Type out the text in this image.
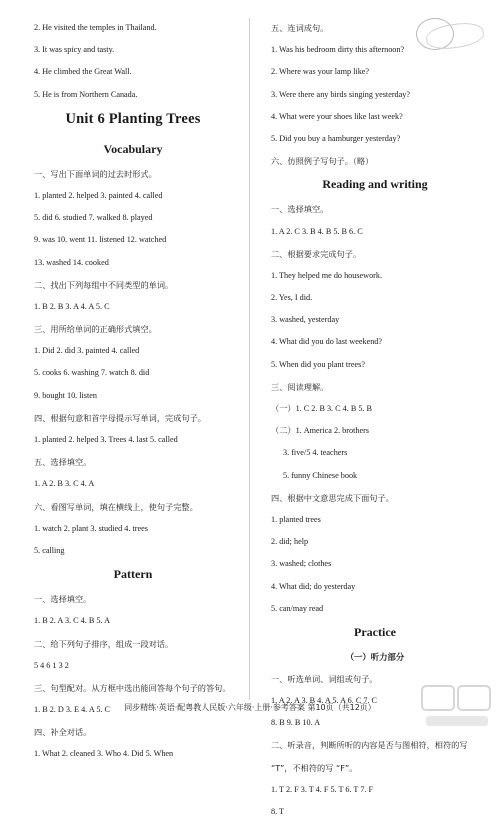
2. He visited the temples in Thailand.
3. It was spicy and tasty.
4. He climbed the Great Wall.
5. He is from Northern Canada.
Unit 6 Planting Trees
Vocabulary
一、写出下面单词的过去时形式。
1. planted 2. helped 3. painted 4. called
5. did 6. studied 7. walked 8. played
9. was 10. went 11. listened 12. watched
13. washed 14. cooked
二、找出下列每组中不同类型的单词。
1. B 2. B 3. A 4. A 5. C
三、用所给单词的正确形式填空。
1. Did 2. did 3. painted 4. called
5. cooks 6. washing 7. watch 8. did
9. bought 10. listen
四、根据句意和首字母提示写单词，完成句子。
1. planted 2. helped 3. Trees 4. last 5. called
五、选择填空。
1. A 2. B 3. C 4. A
六、看图写单词，填在横线上，使句子完整。
1. watch 2. plant 3. studied 4. trees
5. calling
Pattern
一、选择填空。
1. B 2. A 3. C 4. B 5. A
二、给下列句子排序，组成一段对话。
5 4 6 1 3 2
三、句型配对。从方框中选出能回答每个句子的答句。
1. B 2. D 3. E 4. A 5. C
四、补全对话。
1. What 2. cleaned 3. Who 4. Did 5. When
五、连词成句。
1. Was his bedroom dirty this afternoon?
2. Where was your lamp like?
3. Were there any birds singing yesterday?
4. What were your shoes like last week?
5. Did you buy a hamburger yesterday?
六、仿照例子写句子。（略）
Reading and writing
一、选择填空。
1. A 2. C 3. B 4. B 5. B 6. C
二、根据要求完成句子。
1. They helped me do housework.
2. Yes, I did.
3. washed, yesterday
4. What did you do last weekend?
5. When did you plant trees?
三、阅读理解。
（一）1. C 2. B 3. C 4. B 5. B
（二）1. America 2. brothers
3. five/5 4. teachers
5. funny Chinese book
四、根据中文意思完成下面句子。
1. planted trees
2. did; help
3. washed; clothes
4. What did; do yesterday
5. can/may read
Practice
（一）听力部分
一、听选单词、词组或句子。
1. A 2. A 3. B 4. A 5. A 6. C 7. C
8. B 9. B 10. A
二、听录音，判断所听的内容是否与图相符，相符的写
“T”，不相符的写 “F”。
1. T 2. F 3. T 4. F 5. T 6. T 7. F
8. T
同步精练·英语·配粤教人民版·六年级·上册·参考答案 第10页（共12页）
